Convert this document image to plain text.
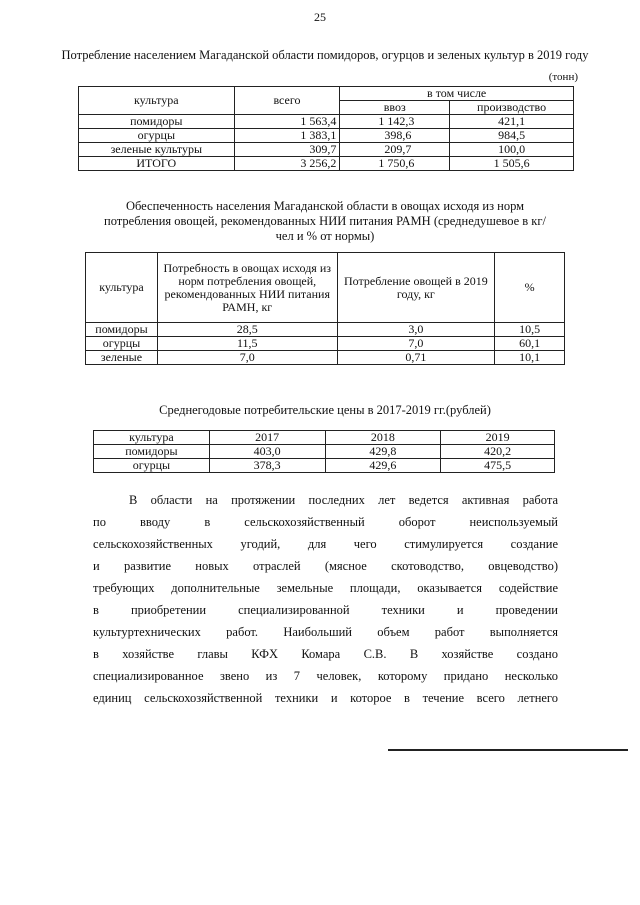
25
Потребление населением Магаданской области помидоров, огурцов и зеленых культур в 2019 году
(тонн)
культура	всего	в том числе	
		ввоз	производство
помидоры	1 563,4	1 142,3	421,1
огурцы	1 383,1	398,6	984,5
зеленые культуры	309,7	209,7	100,0
ИТОГО	3 256,2	1 750,6	1 505,6
Обеспеченность населения Магаданской области в овощах исходя из норм потребления овощей, рекомендованных НИИ питания РАМН (среднедушевое в кг/чел и % от нормы)
культура	Потребность в овощах исходя из норм потребления овощей, рекомендованных НИИ питания РАМН, кг	Потребление овощей в 2019 году, кг	%
помидоры	28,5	3,0	10,5
огурцы	11,5	7,0	60,1
зеленые	7,0	0,71	10,1
Среднегодовые потребительские цены в 2017-2019 гг.(рублей)
культура	2017	2018	2019
помидоры	403,0	429,8	420,2
огурцы	378,3	429,6	475,5
В области на протяжении последних лет ведется активная работа
по вводу в сельскохозяйственный оборот неиспользуемый
сельскохозяйственных угодий, для чего стимулируется создание
и развитие новых отраслей (мясное скотоводство, овцеводство)
требующих дополнительные земельные площади, оказывается содействие
в приобретении специализированной техники и проведении
культуртехнических работ. Наибольший объем работ выполняется
в хозяйстве главы КФХ Комара С.В. В хозяйстве создано
специализированное звено из 7 человек, которому придано несколько
единиц сельскохозяйственной техники и которое в течение всего летнего
